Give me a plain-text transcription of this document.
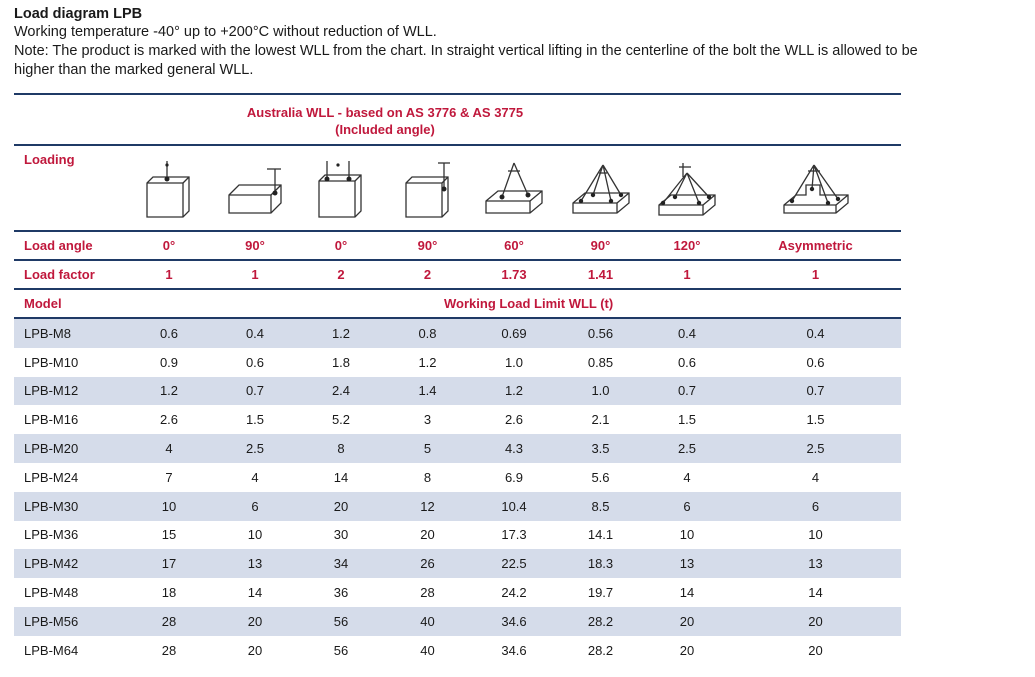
Load diagram LPB
Working temperature -40° up to +200°C without reduction of WLL.
Note: The product is marked with the lowest WLL from the chart. In straight vertical lifting in the centerline of the bolt the WLL is allowed to be
higher than the marked general WLL.

	Australia WLL - based on AS 3776 & AS 3775
(Included angle)							

Loading	

Load angle	0°	90°	0°	90°	60°	90°	120°	Asymmetric
Load factor	1	1	2	2	1.73	1.41	1	1
Model	Working Load Limit WLL (t)							
LPB-M8	0.6	0.4	1.2	0.8	0.69	0.56	0.4	0.4
LPB-M10	0.9	0.6	1.8	1.2	1.0	0.85	0.6	0.6
LPB-M12	1.2	0.7	2.4	1.4	1.2	1.0	0.7	0.7
LPB-M16	2.6	1.5	5.2	3	2.6	2.1	1.5	1.5
LPB-M20	4	2.5	8	5	4.3	3.5	2.5	2.5
LPB-M24	7	4	14	8	6.9	5.6	4	4
LPB-M30	10	6	20	12	10.4	8.5	6	6
LPB-M36	15	10	30	20	17.3	14.1	10	10
LPB-M42	17	13	34	26	22.5	18.3	13	13
LPB-M48	18	14	36	28	24.2	19.7	14	14
LPB-M56	28	20	56	40	34.6	28.2	20	20
LPB-M64	28	20	56	40	34.6	28.2	20	20
